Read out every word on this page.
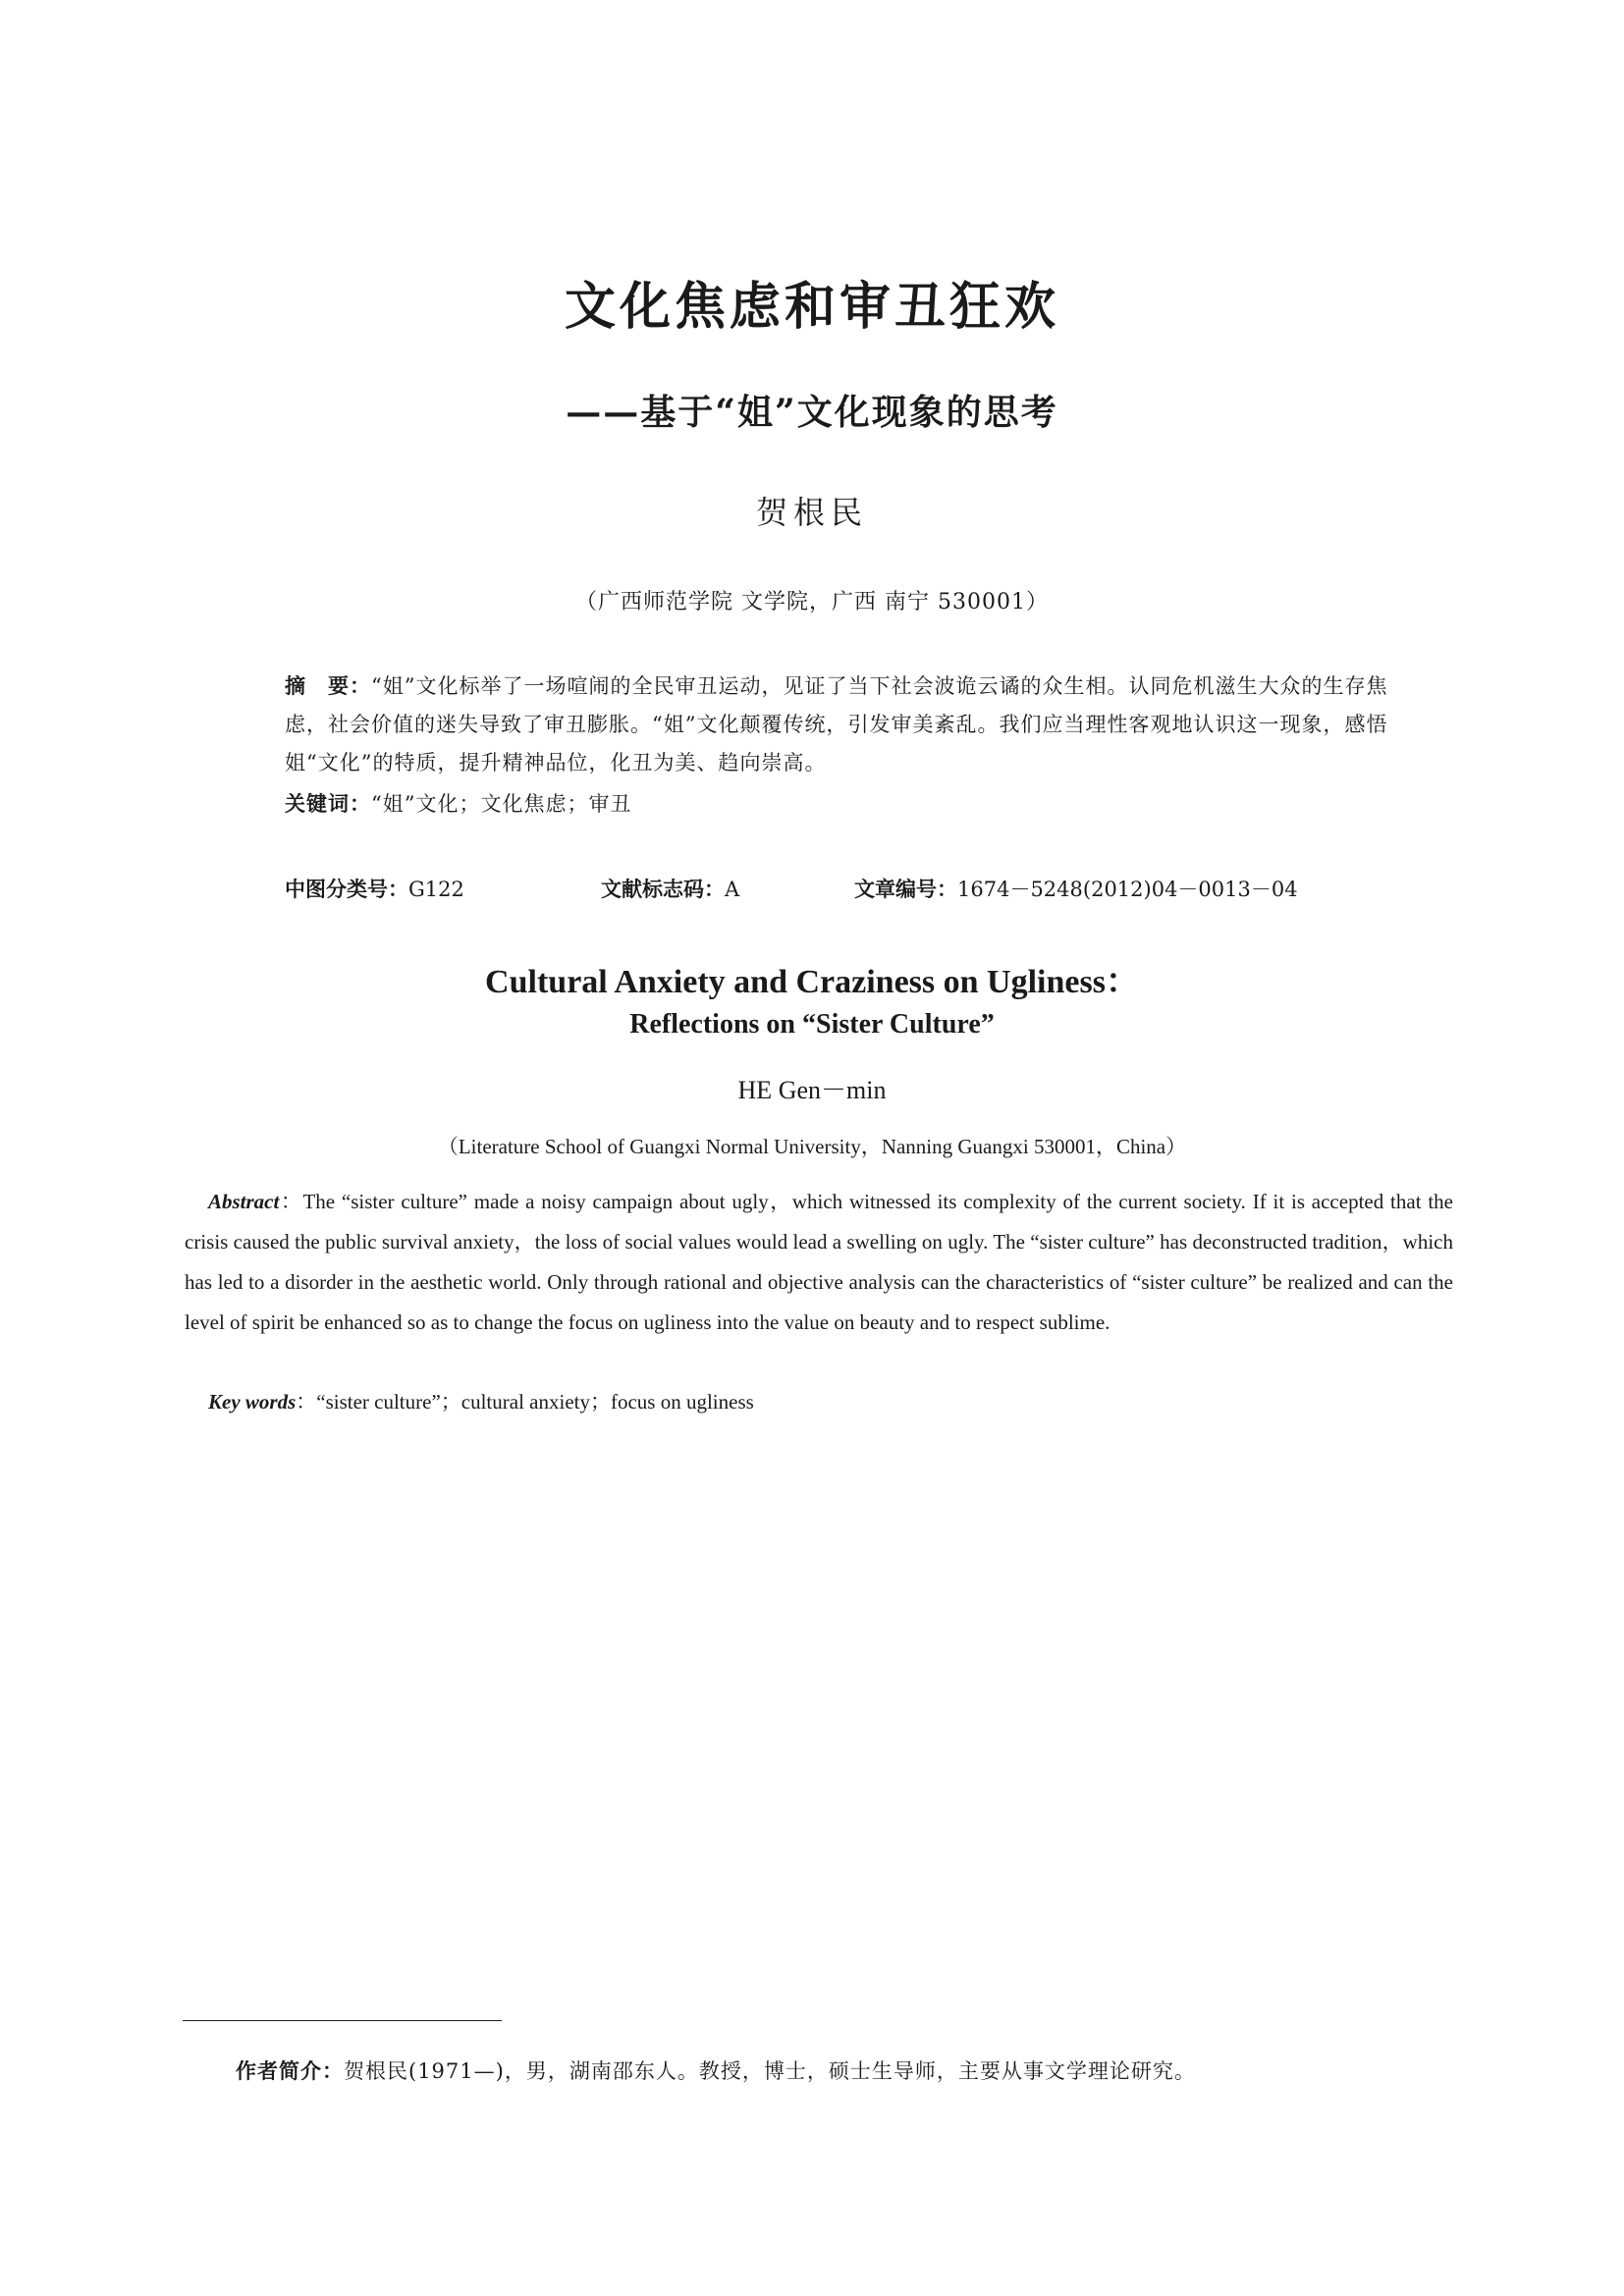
文化焦虑和审丑狂欢
——基于“姐”文化现象的思考
贺根民
（广西师范学院 文学院，广西 南宁 530001）
摘　要：“姐”文化标举了一场喧闹的全民审丑运动，见证了当下社会波诡云谲的众生相。认同危机滋生大众的生存焦虑，社会价值的迷失导致了审丑膨胀。“姐”文化颠覆传统，引发审美紊乱。我们应当理性客观地认识这一现象，感悟姐“文化”的特质，提升精神品位，化丑为美、趋向崇高。
关键词：“姐”文化；文化焦虑；审丑
中图分类号：G122	文献标志码：A	文章编号：1674－5248(2012)04－0013－04
Cultural Anxiety and Craziness on Ugliness：
Reflections on “Sister Culture”
HE Gen－min
（Literature School of Guangxi Normal University，Nanning Guangxi 530001，China）
Abstract：The “sister culture” made a noisy campaign about ugly，which witnessed its complexity of the current society. If it is accepted that the crisis caused the public survival anxiety，the loss of social values would lead a swelling on ugly. The “sister culture” has deconstructed tradition，which has led to a disorder in the aesthetic world. Only through rational and objective analysis can the characteristics of “sister culture” be realized and can the level of spirit be enhanced so as to change the focus on ugliness into the value on beauty and to respect sublime.
Key words：“sister culture”；cultural anxiety；focus on ugliness
作者简介：贺根民(1971—)，男，湖南邵东人。教授，博士，硕士生导师，主要从事文学理论研究。
